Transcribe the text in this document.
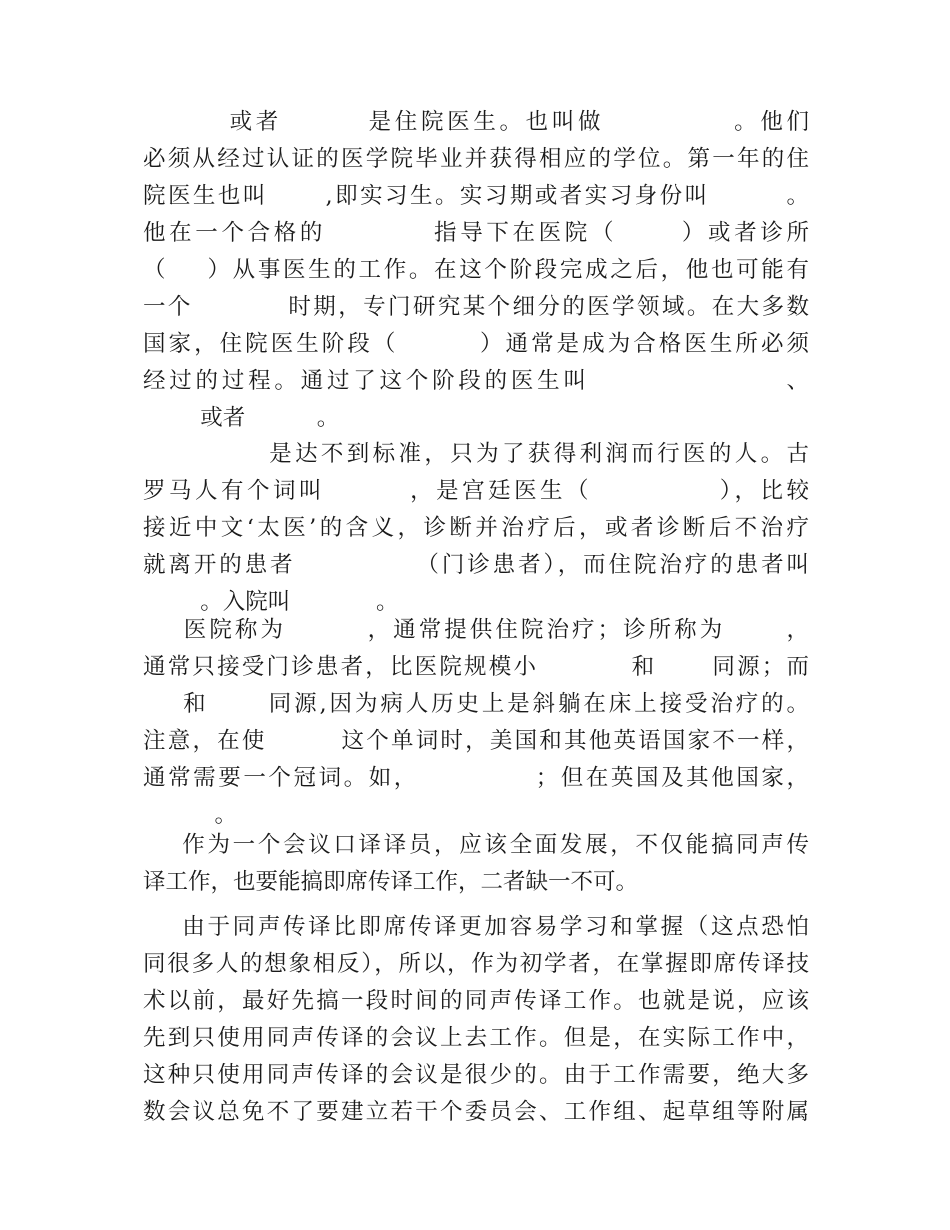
或者        是住院医生。也叫做            。他们
必须从经过认证的医学院毕业并获得相应的学位。第一年的住
院医生也叫      ,即实习生。实习期或者实习身份叫        。
他在一个合格的          指导下在医院（      ）或者诊所
（    ）从事医生的工作。在这个阶段完成之后，他也可能有
一个          时期，专门研究某个细分的医学领域。在大多数
国家，住院医生阶段（        ）通常是成为合格医生所必须
经过的过程。通过了这个阶段的医生叫                  、
或者          。
是达不到标准，只为了获得利润而行医的人。古
罗马人有个词叫        ，是宫廷医生（            ），比较
接近中文‘太医’的含义，诊断并治疗后，或者诊断后不治疗
就离开的患者            （门诊患者），而住院治疗的患者叫
。入院叫            。
医院称为        ，通常提供住院治疗；诊所称为      ，
通常只接受门诊患者，比医院规模小          和      同源；而
和      同源,因为病人历史上是斜躺在床上接受治疗的。
注意，在使        这个单词时，美国和其他英语国家不一样，
通常需要一个冠词。如，            ；但在英国及其他国家，
。
作为一个会议口译译员，应该全面发展，不仅能搞同声传
译工作，也要能搞即席传译工作，二者缺一不可。
由于同声传译比即席传译更加容易学习和掌握（这点恐怕
同很多人的想象相反），所以，作为初学者，在掌握即席传译技
术以前，最好先搞一段时间的同声传译工作。也就是说，应该
先到只使用同声传译的会议上去工作。但是，在实际工作中，
这种只使用同声传译的会议是很少的。由于工作需要，绝大多
数会议总免不了要建立若干个委员会、工作组、起草组等附属
